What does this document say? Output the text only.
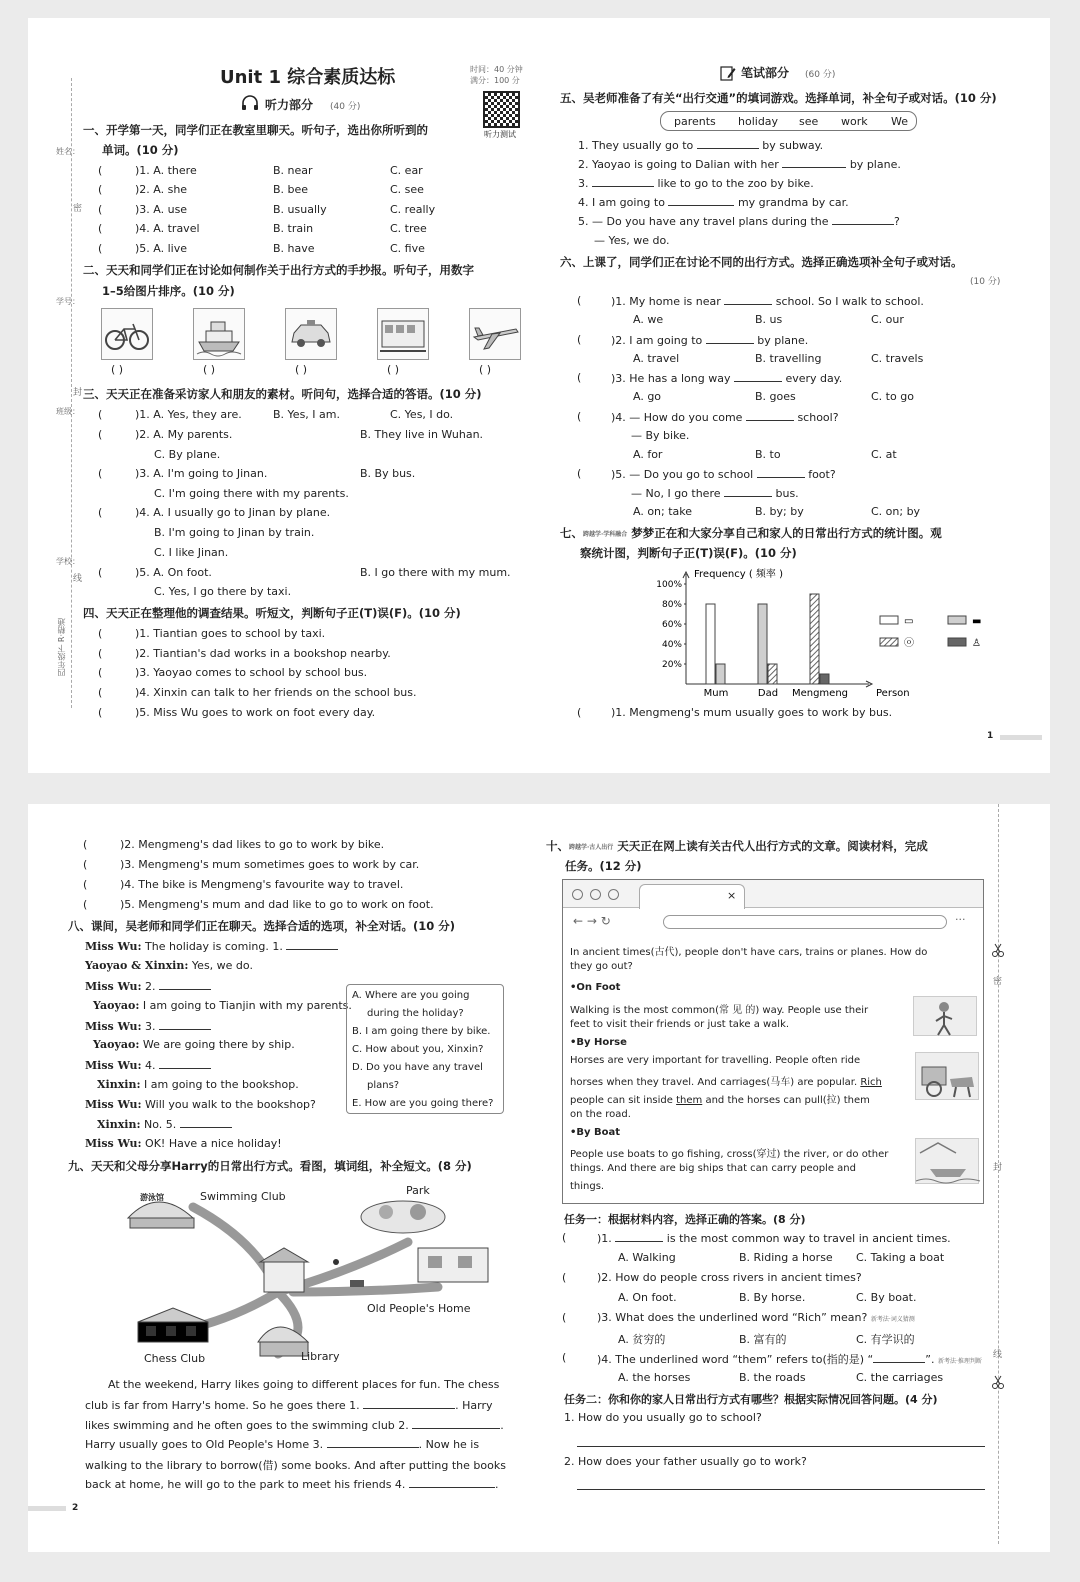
姓名：
学号：
班级：
学校：
密
封
线
四年级下 R·精通
Unit 1 综合素质达标	时间：40 分钟
满分：100 分
听力测试
听力部分 (40 分)
一、开学第一天，同学们正在教室里聊天。听句子，选出你所听到的
单词。(10 分)
(	)1. A. there	B. near	C. ear
(	)2. A. she	B. bee	C. see
(	)3. A. use	B. usually	C. really
(	)4. A. travel	B. train	C. tree
(	)5. A. live	B. have	C. five
二、天天和同学们正在讨论如何制作关于出行方式的手抄报。听句子，用数字
1–5给图片排序。(10 分)
( )	( )	( )	( )	( )
三、天天正在准备采访家人和朋友的素材。听问句，选择合适的答语。(10 分)
(	)1. A. Yes, they are.	B. Yes, I am.	C. Yes, I do.
(	)2. A. My parents.	B. They live in Wuhan.
C. By plane.
(	)3. A. I'm going to Jinan.	B. By bus.
C. I'm going there with my parents.
(	)4. A. I usually go to Jinan by plane.
B. I'm going to Jinan by train.
C. I like Jinan.
(	)5. A. On foot.	B. I go there with my mum.
C. Yes, I go there by taxi.
四、天天正在整理他的调查结果。听短文，判断句子正(T)误(F)。(10 分)
(	)1. Tiantian goes to school by taxi.
(	)2. Tiantian's dad works in a bookshop nearby.
(	)3. Yaoyao comes to school by school bus.
(	)4. Xinxin can talk to her friends on the school bus.
(	)5. Miss Wu goes to work on foot every day.
笔试部分 (60 分)
五、吴老师准备了有关“出行交通”的填词游戏。选择单词，补全句子或对话。(10 分)
parents holiday see work We
1. They usually go to	by subway.
2. Yaoyao is going to Dalian with her	by plane.
3.	like to go to the zoo by bike.
4. I am going to	my grandma by car.
5. — Do you have any travel plans during the	?
— Yes, we do.
六、上课了，同学们正在讨论不同的出行方式。选择正确选项补全句子或对话。
(10 分)
(	)1. My home is near	school. So I walk to school.
A. we	B. us	C. our
(	)2. I am going to	by plane.
A. travel	B. travelling	C. travels
(	)3. He has a long way	every day.
A. go	B. goes	C. to go
(	)4. — How do you come	school?
— By bike.
A. for	B. to	C. at
(	)5. — Do you go to school	foot?
— No, I go there	bus.
A. on; take	B. by; by	C. on; by
七、跨越学·学科融合 梦梦正在和大家分享自己和家人的日常出行方式的统计图。观
察统计图，判断句子正(T)误(F)。(10 分)
Frequency ( 频率 )
100%
80%
60%
40%
20%
Mum	Dad Mengmeng	Person
▭	▬
ⓞ	♙
(	)1. Mengmeng's mum usually goes to work by bus.
1
(	)2. Mengmeng's dad likes to go to work by bike.
(	)3. Mengmeng's mum sometimes goes to work by car.
(	)4. The bike is Mengmeng's favourite way to travel.
(	)5. Mengmeng's mum and dad like to go to work on foot.
八、课间，吴老师和同学们正在聊天。选择合适的选项，补全对话。(10 分)
Miss Wu: The holiday is coming. 1.
Yaoyao & Xinxin: Yes, we do.
Miss Wu: 2.
Yaoyao: I am going to Tianjin with my parents.
Miss Wu: 3.
Yaoyao: We are going there by ship.
Miss Wu: 4.
Xinxin: I am going to the bookshop.
Miss Wu: Will you walk to the bookshop?
Xinxin: No. 5.
Miss Wu: OK! Have a nice holiday!
A. Where are you going
during the holiday?
B. I am going there by bike.
C. How about you, Xinxin?
D. Do you have any travel
plans?
E. How are you going there?
九、天天和父母分享Harry的日常出行方式。看图，填词组，补全短文。(8 分)
游泳馆	Swimming Club	Park
Old People's Home
Chess Club	Library
At the weekend, Harry likes going to different places for fun. The chess
club is far from Harry's home. So he goes there 1.	. Harry
likes swimming and he often goes to the swimming club 2.	.
Harry usually goes to Old People's Home 3.	. Now he is
walking to the library to borrow(借) some books. And after putting the books
back at home, he will go to the park to meet his friends 4.	.
2
十、跨越学·古人出行 天天正在网上读有关古代人出行方式的文章。阅读材料，完成
任务。(12 分)
×
← → ↻	···
In ancient times(古代), people don't have cars, trains or planes. How do
they go out?
•On Foot
Walking is the most common(常 见 的) way. People use their
feet to visit their friends or just take a walk.
•By Horse
Horses are very important for travelling. People often ride
horses when they travel. And carriages(马车) are popular. Rich
people can sit inside them and the horses can pull(拉) them
on the road.
•By Boat
People use boats to go fishing, cross(穿过) the river, or do other
things. And there are big ships that can carry people and
things.
任务一：根据材料内容，选择正确的答案。(8 分)
(	)1.	is the most common way to travel in ancient times.
A. Walking	B. Riding a horse C. Taking a boat
(	)2. How do people cross rivers in ancient times?
A. On foot.	B. By horse.	C. By boat.
(	)3. What does the underlined word “Rich” mean? 新考法·词义猜测
A. 贫穷的	B. 富有的	C. 有学识的
(	)4. The underlined word “them” refers to(指的是) “	”. 新考法·推理判断
A. the horses	B. the roads	C. the carriages
任务二：你和你的家人日常出行方式有哪些？根据实际情况回答问题。(4 分)
1. How do you usually go to school?
2. How does your father usually go to work?
密
封
线
